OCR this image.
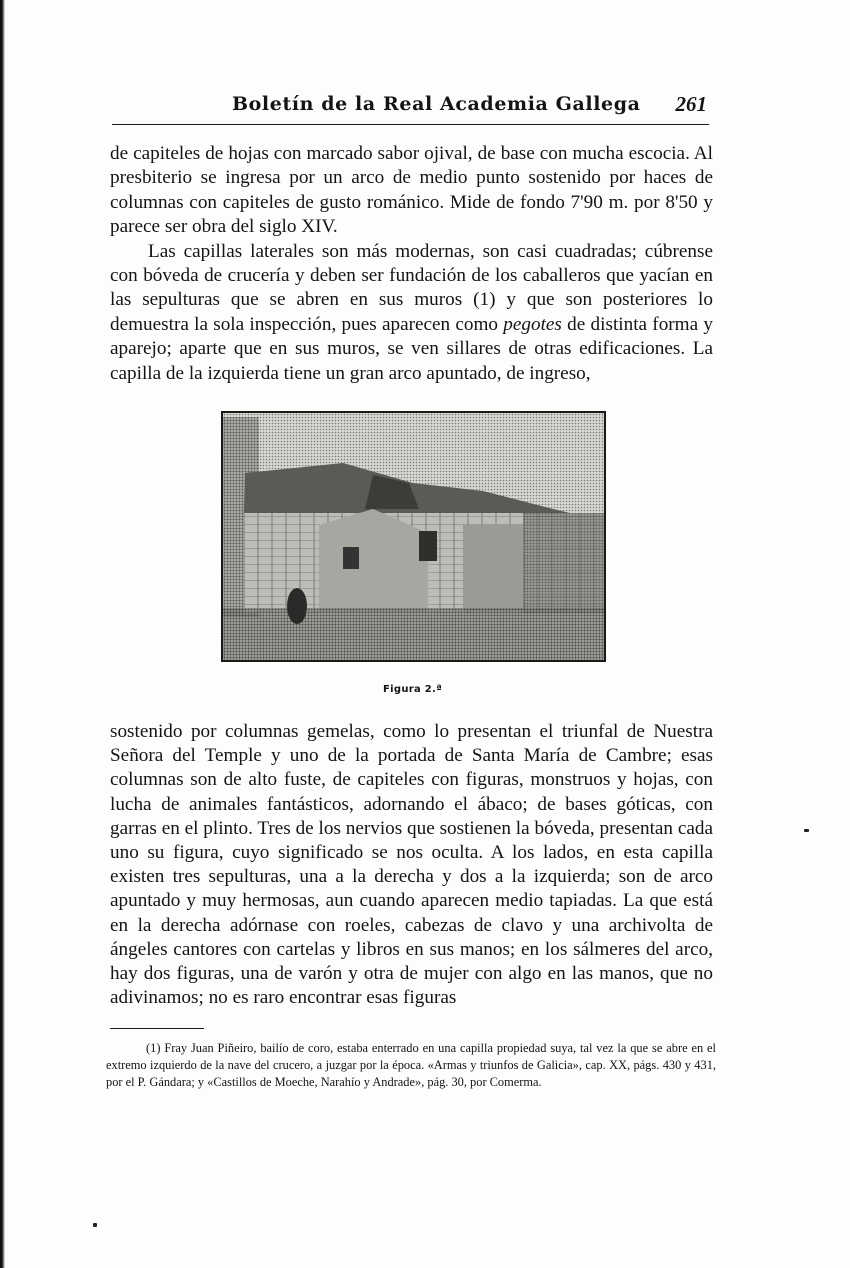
Boletín de la Real Academia Gallega 261

de capiteles de hojas con marcado sabor ojival, de base con mucha escocia. Al presbiterio se ingresa por un arco de medio punto sostenido por haces de columnas con capiteles de gusto románico. Mide de fondo 7'90 m. por 8'50 y parece ser obra del siglo XIV.
Las capillas laterales son más modernas, son casi cuadradas; cúbrense con bóveda de crucería y deben ser fundación de los caballeros que yacían en las sepulturas que se abren en sus muros (1) y que son posteriores lo demuestra la sola inspección, pues aparecen como pegotes de distinta forma y aparejo; aparte que en sus muros, se ven sillares de otras edificaciones. La capilla de la izquierda tiene un gran arco apuntado, de ingreso,

Figura 2.ª

sostenido por columnas gemelas, como lo presentan el triunfal de Nuestra Señora del Temple y uno de la portada de Santa María de Cambre; esas columnas son de alto fuste, de capiteles con figuras, monstruos y hojas, con lucha de animales fantásticos, adornando el ábaco; de bases góticas, con garras en el plinto. Tres de los nervios que sostienen la bóveda, presentan cada uno su figura, cuyo significado se nos oculta. A los lados, en esta capilla existen tres sepulturas, una a la derecha y dos a la izquierda; son de arco apuntado y muy hermosas, aun cuando aparecen medio tapiadas. La que está en la derecha adórnase con roeles, cabezas de clavo y una archivolta de ángeles cantores con cartelas y libros en sus manos; en los sálmeres del arco, hay dos figuras, una de varón y otra de mujer con algo en las manos, que no adivinamos; no es raro encontrar esas figuras

(1) Fray Juan Piñeiro, bailío de coro, estaba enterrado en una capilla propiedad suya, tal vez la que se abre en el extremo izquierdo de la nave del crucero, a juzgar por la época. «Armas y triunfos de Galicia», cap. XX, págs. 430 y 431, por el P. Gándara; y «Castillos de Moeche, Narahío y Andrade», pág. 30, por Comerma.
